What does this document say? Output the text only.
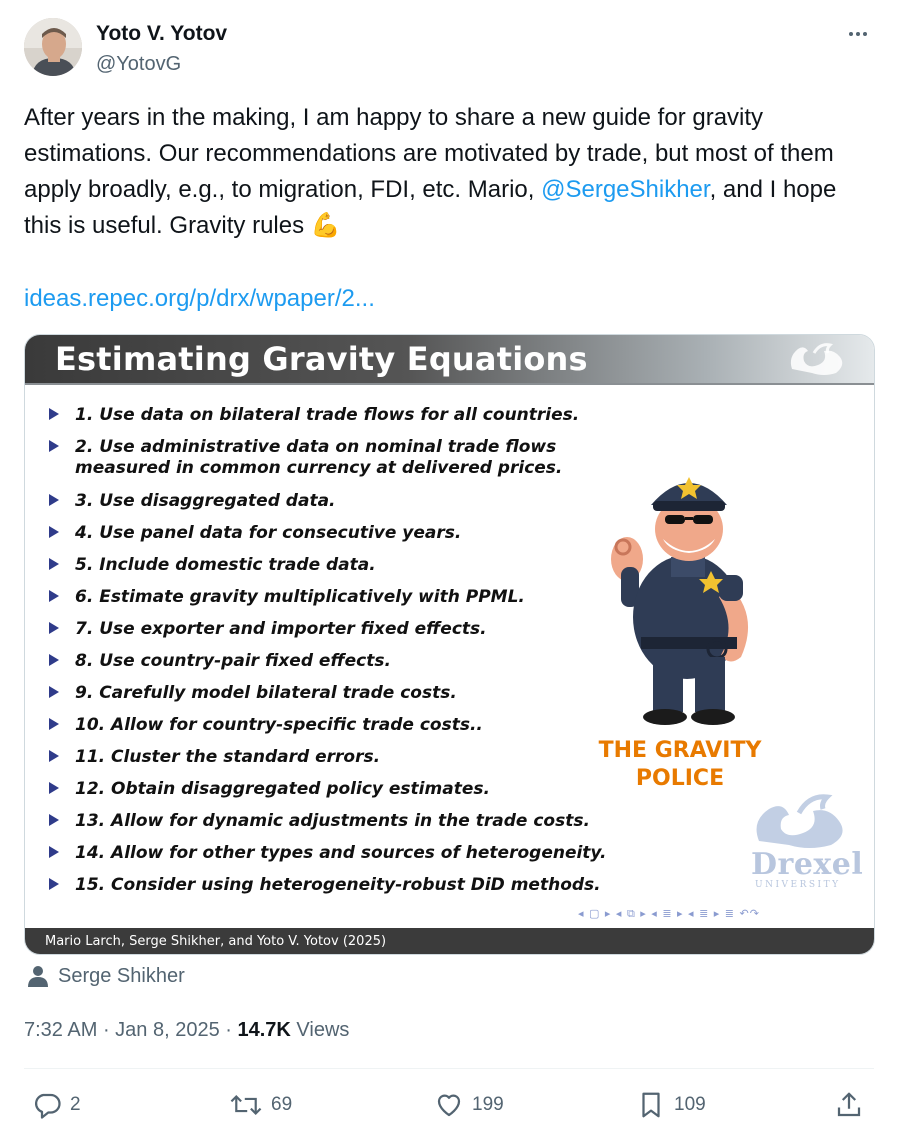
Yoto V. Yotov
@YotovG
After years in the making, I am happy to share a new guide for gravity estimations. Our recommendations are motivated by trade, but most of them apply broadly, e.g., to migration, FDI, etc. Mario, @SergeShikher, and I hope this is useful. Gravity rules 💪
ideas.repec.org/p/drx/wpaper/2...
Estimating Gravity Equations
1. Use data on bilateral trade flows for all countries.
2. Use administrative data on nominal trade flows measured in common currency at delivered prices.
3. Use disaggregated data.
4. Use panel data for consecutive years.
5. Include domestic trade data.
6. Estimate gravity multiplicatively with PPML.
7. Use exporter and importer fixed effects.
8. Use country-pair fixed effects.
9. Carefully model bilateral trade costs.
10. Allow for country-specific trade costs..
11. Cluster the standard errors.
12. Obtain disaggregated policy estimates.
13. Allow for dynamic adjustments in the trade costs.
14. Allow for other types and sources of heterogeneity.
15. Consider using heterogeneity-robust DiD methods.
THE GRAVITY
POLICE
Drexel
UNIVERSITY
◂ ▢ ▸ ◂ ⧉ ▸ ◂ ≣ ▸ ◂ ≣ ▸ ≣ ↶↷
Mario Larch, Serge Shikher, and Yoto V. Yotov (2025)
Serge Shikher
7:32 AM · Jan 8, 2025 · 14.7K Views
2	69	199	109
